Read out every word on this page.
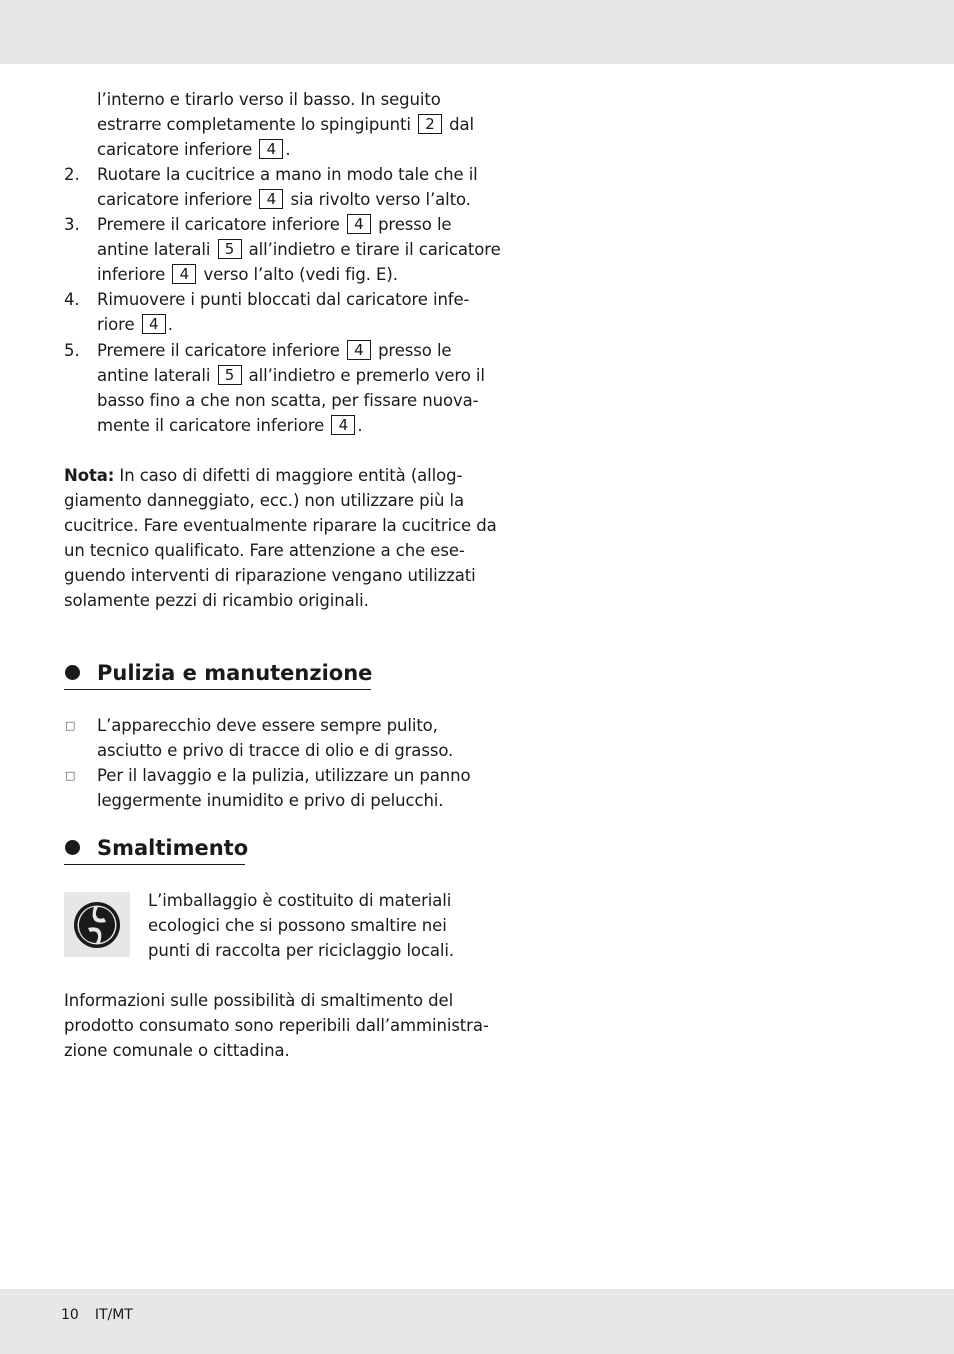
l’interno e tirarlo verso il basso. In seguito
estrarre completamente lo spingipunti 2 dal
caricatore inferiore 4 .
2. Ruotare la cucitrice a mano in modo tale che il
caricatore inferiore 4 sia rivolto verso l’alto.
3. Premere il caricatore inferiore 4 presso le
antine laterali 5 all’indietro e tirare il caricatore
inferiore 4 verso l’alto (vedi fig. E).
4. Rimuovere i punti bloccati dal caricatore infe-
riore 4 .
5. Premere il caricatore inferiore 4 presso le
antine laterali 5 all’indietro e premerlo vero il
basso fino a che non scatta, per fissare nuova-
mente il caricatore inferiore 4 .
Nota: In caso di difetti di maggiore entità (allog-
giamento danneggiato, ecc.) non utilizzare più la
cucitrice. Fare eventualmente riparare la cucitrice da
un tecnico qualificato. Fare attenzione a che ese-
guendo interventi di riparazione vengano utilizzati
solamente pezzi di ricambio originali.
Pulizia e manutenzione
□ L’apparecchio deve essere sempre pulito,
asciutto e privo di tracce di olio e di grasso.
□ Per il lavaggio e la pulizia, utilizzare un panno
leggermente inumidito e privo di pelucchi.
Smaltimento
L’imballaggio è costituito di materiali
ecologici che si possono smaltire nei
punti di raccolta per riciclaggio locali.
Informazioni sulle possibilità di smaltimento del
prodotto consumato sono reperibili dall’amministra-
zione comunale o cittadina.
10 IT/MT
